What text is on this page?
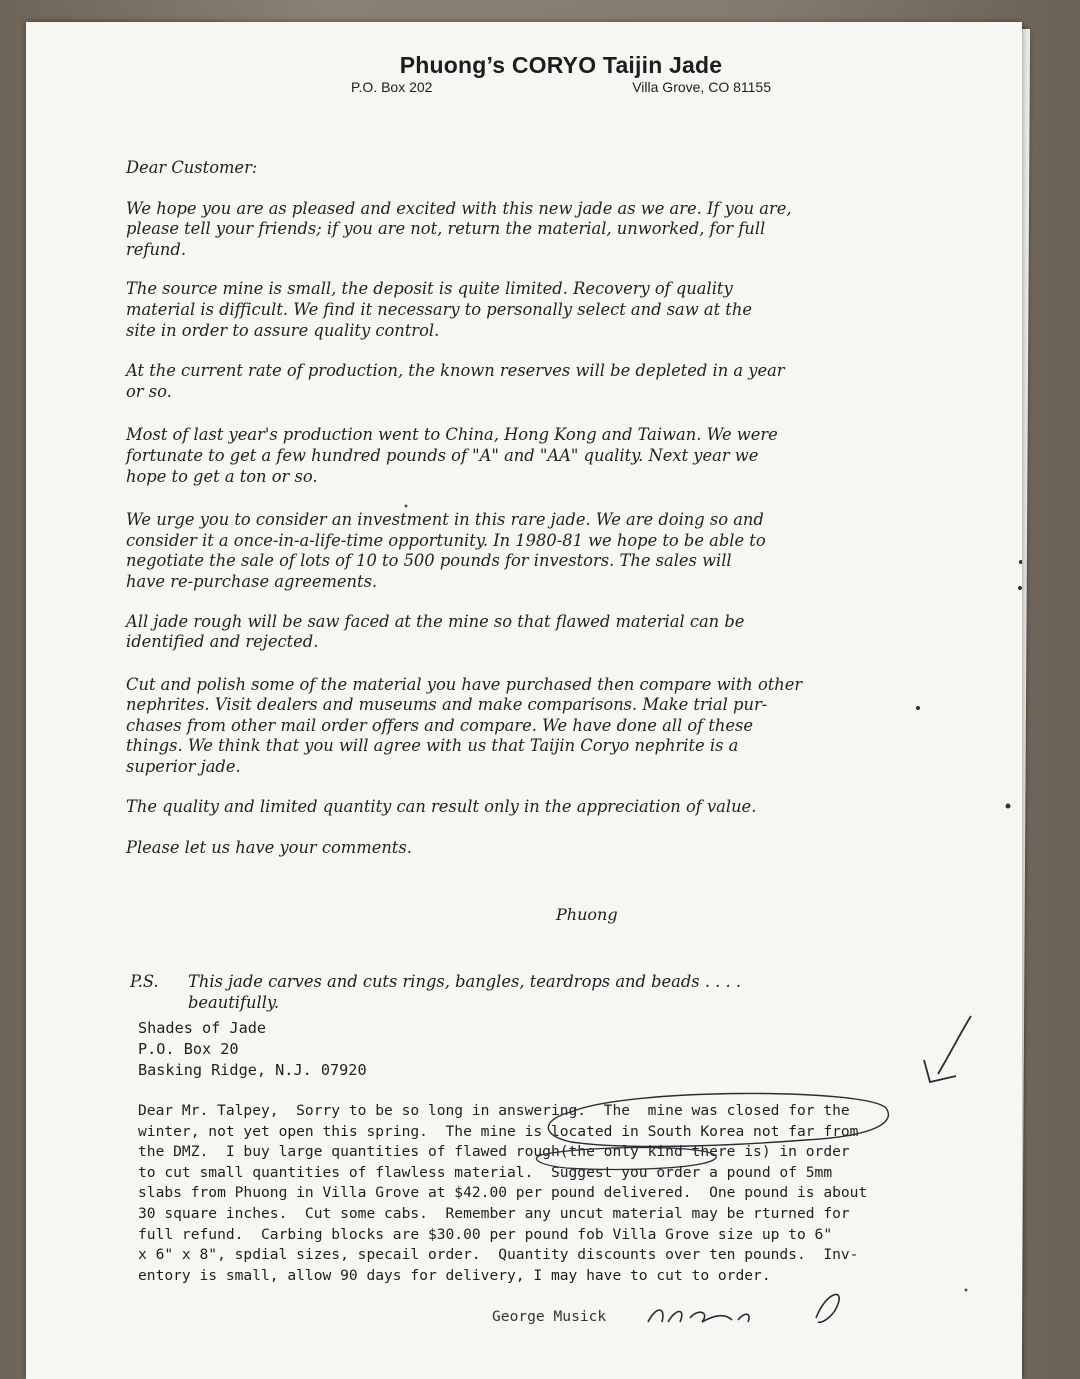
Phuong’s CORYO Taijin Jade
P.O. Box 202	Villa Grove, CO 81155

Dear Customer:

We hope you are as pleased and excited with this new jade as we are. If you are,
please tell your friends; if you are not, return the material, unworked, for full
refund.

The source mine is small, the deposit is quite limited. Recovery of quality
material is difficult. We find it necessary to personally select and saw at the
site in order to assure quality control.

At the current rate of production, the known reserves will be depleted in a year
or so.

Most of last year's production went to China, Hong Kong and Taiwan. We were
fortunate to get a few hundred pounds of "A" and "AA" quality. Next year we
hope to get a ton or so.

We urge you to consider an investment in this rare jade. We are doing so and
consider it a once-in-a-life-time opportunity. In 1980-81 we hope to be able to
negotiate the sale of lots of 10 to 500 pounds for investors. The sales will
have re-purchase agreements.

All jade rough will be saw faced at the mine so that flawed material can be
identified and rejected.

Cut and polish some of the material you have purchased then compare with other
nephrites. Visit dealers and museums and make comparisons. Make trial pur-
chases from other mail order offers and compare. We have done all of these
things. We think that you will agree with us that Taijin Coryo nephrite is a
superior jade.

The quality and limited quantity can result only in the appreciation of value.

Please let us have your comments.

Phuong
P.S. This jade carves and cuts rings, bangles, teardrops and beads . . . .
beautifully.
Shades of Jade
P.O. Box 20
Basking Ridge, N.J. 07920
Dear Mr. Talpey,  Sorry to be so long in answering.  The  mine was closed for the
winter, not yet open this spring.  The mine is located in South Korea not far from
the DMZ.  I buy large quantities of flawed rough(the only kind there is) in order
to cut small quantities of flawless material.  Suggest you order a pound of 5mm
slabs from Phuong in Villa Grove at $42.00 per pound delivered.  One pound is about
30 square inches.  Cut some cabs.  Remember any uncut material may be rturned for
full refund.  Carbing blocks are $30.00 per pound fob Villa Grove size up to 6"
x 6" x 8", spdial sizes, specail order.  Quantity discounts over ten pounds.  Inv-
entory is small, allow 90 days for delivery, I may have to cut to order.
George Musick
